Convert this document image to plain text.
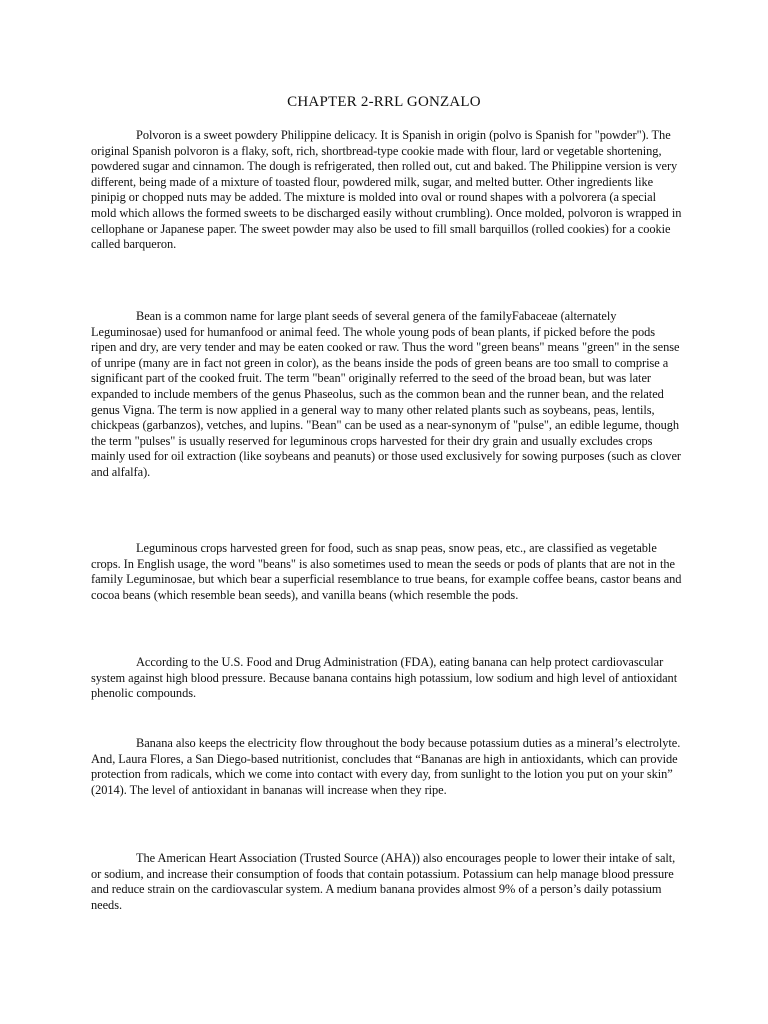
CHAPTER 2-RRL GONZALO

Polvoron is a sweet powdery Philippine delicacy. It is Spanish in origin (polvo is Spanish for "powder"). The original Spanish polvoron is a flaky, soft, rich, shortbread-type cookie made with flour, lard or vegetable shortening, powdered sugar and cinnamon. The dough is refrigerated, then rolled out, cut and baked. The Philippine version is very different, being made of a mixture of toasted flour, powdered milk, sugar, and melted butter. Other ingredients like pinipig or chopped nuts may be added. The mixture is molded into oval or round shapes with a polvorera (a special mold which allows the formed sweets to be discharged easily without crumbling). Once molded, polvoron is wrapped in cellophane or Japanese paper. The sweet powder may also be used to fill small barquillos (rolled cookies) for a cookie called barqueron.

Bean is a common name for large plant seeds of several genera of the familyFabaceae (alternately Leguminosae) used for humanfood or animal feed. The whole young pods of bean plants, if picked before the pods ripen and dry, are very tender and may be eaten cooked or raw. Thus the word "green beans" means "green" in the sense of unripe (many are in fact not green in color), as the beans inside the pods of green beans are too small to comprise a significant part of the cooked fruit. The term "bean" originally referred to the seed of the broad bean, but was later expanded to include members of the genus Phaseolus, such as the common bean and the runner bean, and the related genus Vigna. The term is now applied in a general way to many other related plants such as soybeans, peas, lentils, chickpeas (garbanzos), vetches, and lupins. "Bean" can be used as a near-synonym of "pulse", an edible legume, though the term "pulses" is usually reserved for leguminous crops harvested for their dry grain and usually excludes crops mainly used for oil extraction (like soybeans and peanuts) or those used exclusively for sowing purposes (such as clover and alfalfa).

Leguminous crops harvested green for food, such as snap peas, snow peas, etc., are classified as vegetable crops. In English usage, the word "beans" is also sometimes used to mean the seeds or pods of plants that are not in the family Leguminosae, but which bear a superficial resemblance to true beans, for example coffee beans, castor beans and cocoa beans (which resemble bean seeds), and vanilla beans (which resemble the pods.

According to the U.S. Food and Drug Administration (FDA), eating banana can help protect cardiovascular system against high blood pressure. Because banana contains high potassium, low sodium and high level of antioxidant phenolic compounds.

Banana also keeps the electricity flow throughout the body because potassium duties as a mineral’s electrolyte. And, Laura Flores, a San Diego-based nutritionist, concludes that “Bananas are high in antioxidants, which can provide protection from radicals, which we come into contact with every day, from sunlight to the lotion you put on your skin” (2014). The level of antioxidant in bananas will increase when they ripe.

The American Heart Association (Trusted Source (AHA)) also encourages people to lower their intake of salt, or sodium, and increase their consumption of foods that contain potassium. Potassium can help manage blood pressure and reduce strain on the cardiovascular system. A medium banana provides almost 9% of a person’s daily potassium needs.
